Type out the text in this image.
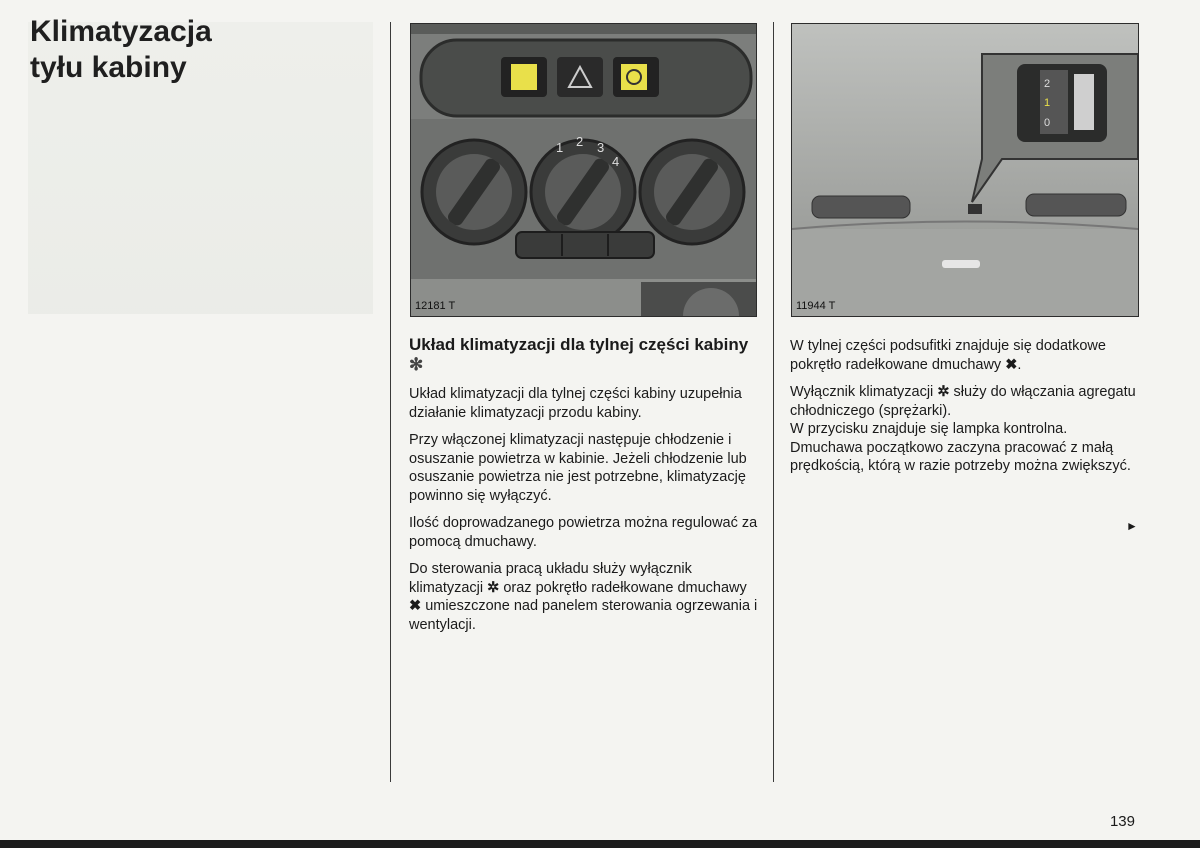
Klimatyzacja
tyłu kabiny
1 2 3
4
12181 T
2
1
0
11944 T
Układ klimatyzacji dla tylnej części kabiny ✻

Układ klimatyzacji dla tylnej części kabiny uzupełnia działanie klimatyzacji przodu kabiny.

Przy włączonej klimatyzacji następuje chłodzenie i osuszanie powietrza w kabinie. Jeżeli chłodzenie lub osuszanie powietrza nie jest potrzebne, klimatyzację powinno się wyłączyć.

Ilość doprowadzanego powietrza można regulować za pomocą dmuchawy.

Do sterowania pracą układu służy wyłącznik klimatyzacji ✲ oraz pokrętło radełkowane dmuchawy ✖ umieszczone nad panelem sterowania ogrzewania i wentylacji.

W tylnej części podsufitki znajduje się dodatkowe pokrętło radełkowane dmuchawy ✖.

Wyłącznik klimatyzacji ✲ służy do włączania agregatu chłodniczego (sprężarki).

W przycisku znajduje się lampka kontrolna.

Dmuchawa początkowo zaczyna pracować z małą prędkością, którą w razie potrzeby można zwiększyć.

►
139
